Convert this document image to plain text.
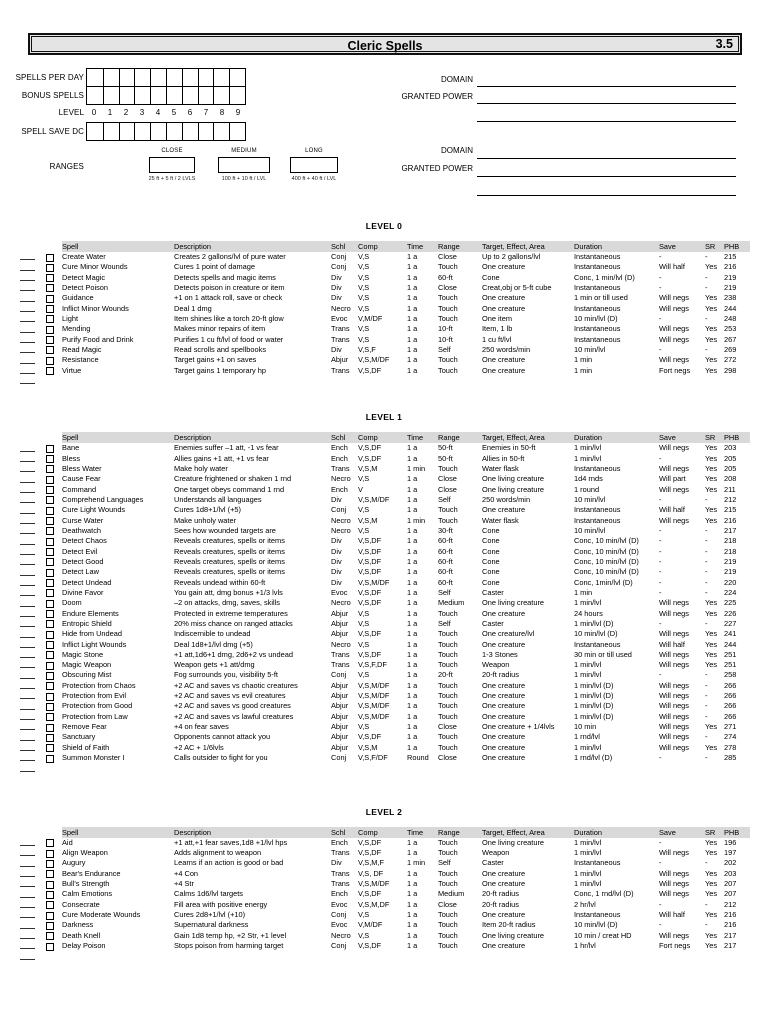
Cleric Spells	3.5
SPELLS PER DAY
BONUS SPELLS
LEVEL
SPELL SAVE DC
RANGES
0	1	2	3	4	5	6	7	8	9
CLOSE
25 ft + 5 ft / 2 LVLS
MEDIUM
100 ft + 10 ft / LVL
LONG
400 ft + 40 ft / LVL
DOMAIN
GRANTED POWER
DOMAIN
GRANTED POWER
LEVEL 0
Spell	Description	Schl	Comp	Time	Range	Target, Effect, Area	Duration	Save	SR	PHB
Create Water	Creates 2 gallons/lvl of pure water	Conj	V,S	1 a	Close	Up to 2 gallons/lvl	Instantaneous	-	-	215
Cure Minor Wounds	Cures 1 point of damage	Conj	V,S	1 a	Touch	One creature	Instantaneous	Will half	Yes 216
Detect Magic	Detects spells and magic items	Div	V,S	1 a	60-ft	Cone	Conc, 1 min/lvl (D)	-	-	219
Detect Poison	Detects poison in creature or item	Div	V,S	1 a	Close	Creat,obj or 5-ft cube	Instantaneous	-	-	219
Guidance	+1 on 1 attack roll, save or check	Div	V,S	1 a	Touch	One creature	1 min or till used	Will negs	Yes 238
Inflict Minor Wounds	Deal 1 dmg	Necro V,S	1 a	Touch	One creature	Instantaneous	Will negs	Yes 244
Light	Item shines like a torch 20-ft glow	Evoc	V,M/DF	1 a	Touch	One item	10 min/lvl (D)	-	-	248
Mending	Makes minor repairs of item	Trans	V,S	1 a	10-ft	Item, 1 lb	Instantaneous	Will negs	Yes 253
Purify Food and Drink	Purifies 1 cu ft/lvl of food or water	Trans	V,S	1 a	10-ft	1 cu ft/lvl	Instantaneous	Will negs	Yes 267
Read Magic	Read scrolls and spellbooks	Div	V,S,F	1 a	Self	250 words/min	10 min/lvl	-	-	269
Resistance	Target gains +1 on saves	Abjur	V,S,M/DF	1 a	Touch	One creature	1 min	Will negs	Yes 272
Virtue	Target gains 1 temporary hp	Trans	V,S,DF	1 a	Touch	One creature	1 min	Fort negs	Yes 298
LEVEL 1
Spell	Description	Schl	Comp	Time	Range	Target, Effect, Area	Duration	Save	SR	PHB
Bane	Enemies suffer –1 att, -1 vs fear	Ench	V,S,DF	1 a	50-ft	Enemies in 50-ft	1 min/lvl	Will negs	Yes 203
Bless	Allies gains +1 att, +1 vs fear	Ench	V,S,DF	1 a	50-ft	Allies in 50-ft	1 min/lvl	-	Yes 205
Bless Water	Make holy water	Trans	V,S,M	1 min	Touch	Water flask	Instantaneous	Will negs	Yes 205
Cause Fear	Creature frightened or shaken 1 rnd	Necro V,S	1 a	Close	One living creature	1d4 rnds	Will part	Yes 208
Command	One target obeys command 1 rnd	Ench	V	1 a	Close	One living creature	1 round	Will negs	Yes 211
Comprehend Languages	Understands all languages	Div	V,S,M/DF	1 a	Self	250 words/min	10 min/lvl	-	-	212
Cure Light Wounds	Cures 1d8+1/lvl (+5)	Conj	V,S	1 a	Touch	One creature	Instantaneous	Will half	Yes 215
Curse Water	Make unholy water	Necro V,S,M	1 min	Touch	Water flask	Instantaneous	Will negs	Yes 216
Deathwatch	Sees how wounded targets are	Necro V,S	1 a	30-ft	Cone	10 min/lvl	-	-	217
Detect Chaos	Reveals creatures, spells or items	Div	V,S,DF	1 a	60-ft	Cone	Conc, 10 min/lvl (D)	-	-	218
Detect Evil	Reveals creatures, spells or items	Div	V,S,DF	1 a	60-ft	Cone	Conc, 10 min/lvl (D)	-	-	218
Detect Good	Reveals creatures, spells or items	Div	V,S,DF	1 a	60-ft	Cone	Conc, 10 min/lvl (D)	-	-	219
Detect Law	Reveals creatures, spells or items	Div	V,S,DF	1 a	60-ft	Cone	Conc, 10 min/lvl (D)	-	-	219
Detect Undead	Reveals undead within 60-ft	Div	V,S,M/DF	1 a	60-ft	Cone	Conc, 1min/lvl (D)	-	-	220
Divine Favor	You gain att, dmg bonus +1/3 lvls	Evoc	V,S,DF	1 a	Self	Caster	1 min	-	-	224
Doom	–2 on attacks, dmg, saves, skills	Necro V,S,DF	1 a	Medium	One living creature	1 min/lvl	Will negs	Yes 225
Endure Elements	Protected in extreme temperatures	Abjur	V,S	1 a	Touch	One creature	24 hours	Will negs	Yes 226
Entropic Shield	20% miss chance on ranged attacks	Abjur	V,S	1 a	Self	Caster	1 min/lvl (D)	-	-	227
Hide from Undead	Indiscernible to undead	Abjur	V,S,DF	1 a	Touch	One creature/lvl	10 min/lvl (D)	Will negs	Yes 241
Inflict Light Wounds	Deal 1d8+1/lvl dmg (+5)	Necro V,S	1 a	Touch	One creature	Instantaneous	Will half	Yes 244
Magic Stone	+1 att,1d6+1 dmg, 2d6+2 vs undead	Trans	V,S,DF	1 a	Touch	1-3 Stones	30 min or till used	Will negs	Yes 251
Magic Weapon	Weapon gets +1 att/dmg	Trans	V,S,F,DF	1 a	Touch	Weapon	1 min/lvl	Will negs	Yes 251
Obscuring Mist	Fog surrounds you, visibility 5-ft	Conj	V,S	1 a	20-ft	20-ft radius	1 min/lvl	-	-	258
Protection from Chaos	+2 AC and saves vs chaotic creatures	Abjur	V,S,M/DF	1 a	Touch	One creature	1 min/lvl (D)	Will negs	-	266
Protection from Evil	+2 AC and saves vs evil creatures	Abjur	V,S,M/DF	1 a	Touch	One creature	1 min/lvl (D)	Will negs	-	266
Protection from Good	+2 AC and saves vs good creatures	Abjur	V,S,M/DF	1 a	Touch	One creature	1 min/lvl (D)	Will negs	-	266
Protection from Law	+2 AC and saves vs lawful creatures	Abjur	V,S,M/DF	1 a	Touch	One creature	1 min/lvl (D)	Will negs	-	266
Remove Fear	+4 on fear saves	Abjur	V,S	1 a	Close	One creature + 1/4lvls	10 min	Will negs	Yes 271
Sanctuary	Opponents cannot attack you	Abjur	V,S,DF	1 a	Touch	One creature	1 rnd/lvl	Will negs	-	274
Shield of Faith	+2 AC + 1/6lvls	Abjur	V,S,M	1 a	Touch	One creature	1 min/lvl	Will negs	Yes 278
Summon Monster I	Calls outsider to fight for you	Conj	V,S,F/DF	Round	Close	One creature	1 rnd/lvl (D)	-	-	285
LEVEL 2
Spell	Description	Schl	Comp	Time	Range	Target, Effect, Area	Duration	Save	SR	PHB
Aid	+1 att,+1 fear saves,1d8 +1/lvl hps	Ench	V,S,DF	1 a	Touch	One living creature	1 min/lvl	-	Yes 196
Align Weapon	Adds alignment to weapon	Trans	V,S,DF	1 a	Touch	Weapon	1 min/lvl	Will negs	Yes 197
Augury	Learns if an action is good or bad	Div	V,S,M,F	1 min	Self	Caster	Instantaneous	-	-	202
Bear's Endurance	+4 Con	Trans	V,S, DF	1 a	Touch	One creature	1 min/lvl	Will negs	Yes 203
Bull's Strength	+4 Str	Trans	V,S,M/DF	1 a	Touch	One creature	1 min/lvl	Will negs	Yes 207
Calm Emotions	Calms 1d6/lvl targets	Ench	V,S,DF	1 a	Medium	20-ft radius	Conc, 1 rnd/lvl (D)	Will negs	Yes 207
Consecrate	Fill area with positive energy	Evoc	V,S,M,DF	1 a	Close	20-ft radius	2 hr/lvl	-	-	212
Cure Moderate Wounds	Cures 2d8+1/lvl (+10)	Conj	V,S	1 a	Touch	One creature	Instantaneous	Will half	Yes 216
Darkness	Supernatural darkness	Evoc	V,M/DF	1 a	Touch	Item 20-ft radius	10 min/lvl (D)	-	-	216
Death Knell	Gain 1d8 temp hp, +2 Str, +1 level	Necro V,S	1 a	Touch	One living creature	10 min / creat HD	Will negs	Yes 217
Delay Poison	Stops poison from harming target	Conj	V,S,DF	1 a	Touch	One creature	1 hr/lvl	Fort negs	Yes 217
